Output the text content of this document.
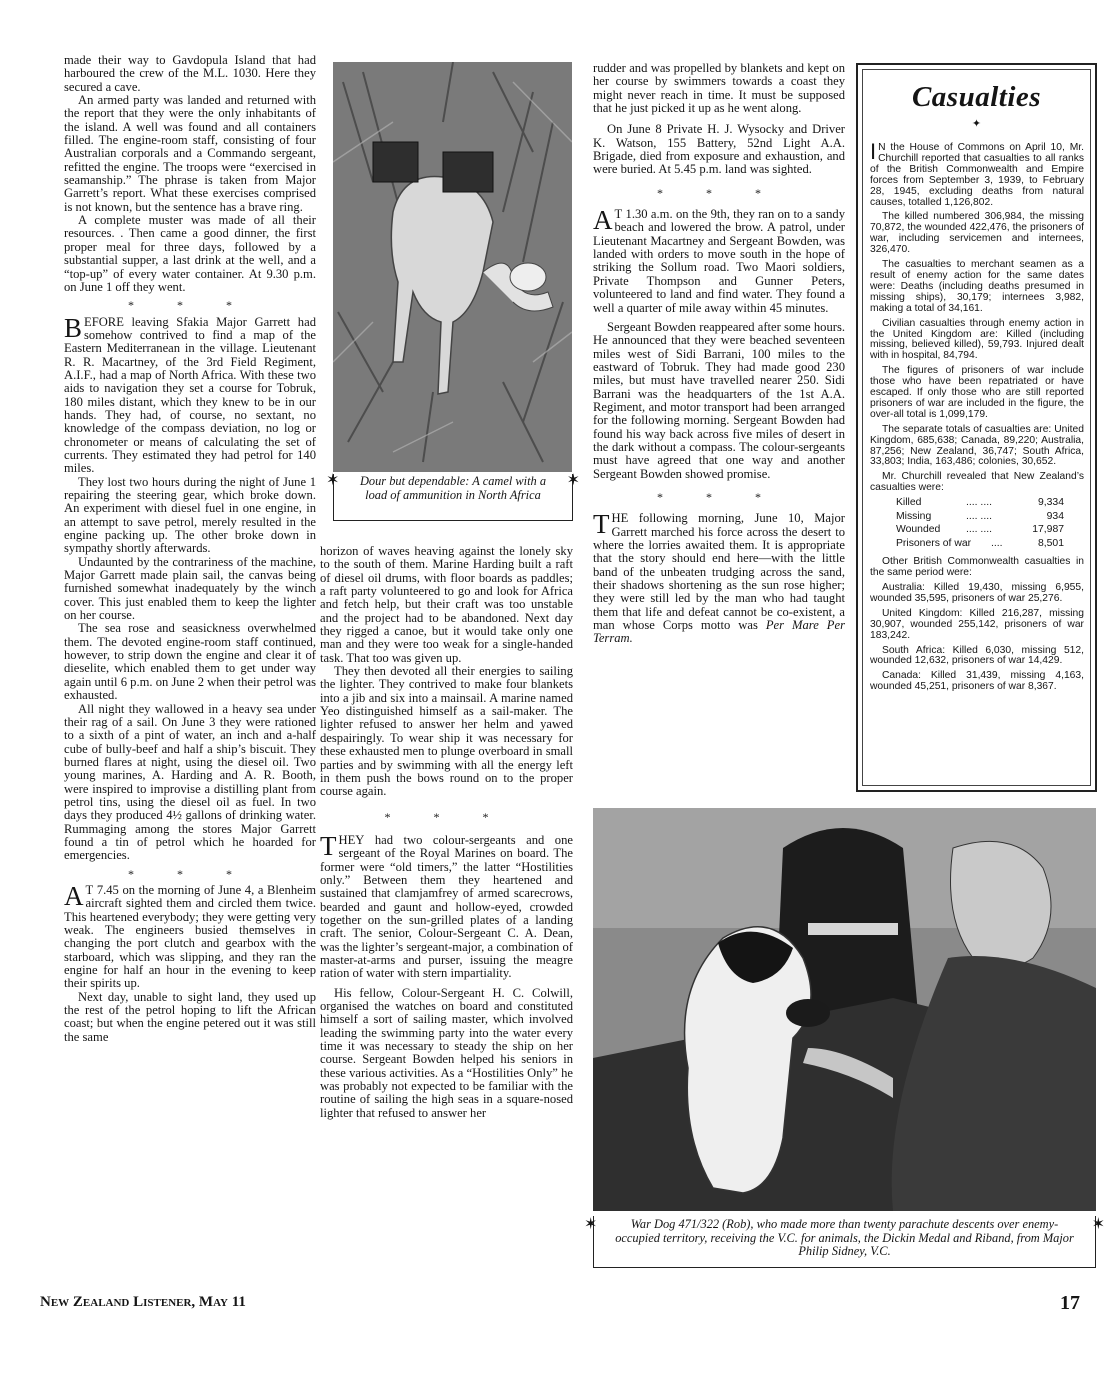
made their way to Gavdopula Island that had harboured the crew of the M.L. 1030. Here they secured a cave.

An armed party was landed and returned with the report that they were the only inhabitants of the island. A well was found and all containers filled. The engine-room staff, consisting of four Australian corporals and a Commando sergeant, refitted the engine. The troops were “exercised in seamanship.” The phrase is taken from Major Garrett’s report. What these exercises comprised is not known, but the sentence has a brave ring.

A complete muster was made of all their resources. . Then came a good dinner, the first proper meal for three days, followed by a substantial supper, a last drink at the well, and a “top-up” of every water container. At 9.30 p.m. on June 1 off they went.

* * *

BEFORE leaving Sfakia Major Garrett had somehow contrived to find a map of the Eastern Mediterranean in the village. Lieutenant R. R. Macartney, of the 3rd Field Regiment, A.I.F., had a map of North Africa. With these two aids to navigation they set a course for Tobruk, 180 miles distant, which they knew to be in our hands. They had, of course, no sextant, no knowledge of the compass deviation, no log or chronometer or means of calculating the set of currents. They estimated they had petrol for 140 miles.

They lost two hours during the night of June 1 repairing the steering gear, which broke down. An experiment with diesel fuel in one engine, in an attempt to save petrol, merely resulted in the engine packing up. The other broke down in sympathy shortly afterwards.

Undaunted by the contrariness of the machine, Major Garrett made plain sail, the canvas being furnished somewhat inadequately by the winch cover. This just enabled them to keep the lighter on her course.

The sea rose and seasickness overwhelmed them. The devoted engine-room staff continued, however, to strip down the engine and clear it of dieselite, which enabled them to get under way again until 6 p.m. on June 2 when their petrol was exhausted.

All night they wallowed in a heavy sea under their rag of a sail. On June 3 they were rationed to a sixth of a pint of water, an inch and a-half cube of bully-beef and half a ship’s biscuit. They burned flares at night, using the diesel oil. Two young marines, A. Harding and A. R. Booth, were inspired to improvise a distilling plant from petrol tins, using the diesel oil as fuel. In two days they produced 4½ gallons of drinking water. Rummaging among the stores Major Garrett found a tin of petrol which he hoarded for emergencies.

* * *

A T 7.45 on the morning of June 4, a Blenheim aircraft sighted them and circled them twice. This heartened everybody; they were getting very weak. The engineers busied themselves in changing the port clutch and gearbox with the starboard, which was slipping, and they ran the engine for half an hour in the evening to keep their spirits up.

Next day, unable to sight land, they used up the rest of the petrol hoping to lift the African coast; but when the engine petered out it was still the same

✶	✶
Dour but dependable: A camel with a load of ammunition in North Africa

horizon of waves heaving against the lonely sky to the south of them. Marine Harding built a raft of diesel oil drums, with floor boards as paddles; a raft party volunteered to go and look for Africa and fetch help, but their craft was too unstable and the project had to be abandoned. Next day they rigged a canoe, but it would take only one man and they were too weak for a single-handed task. That too was given up.

They then devoted all their energies to sailing the lighter. They contrived to make four blankets into a jib and six into a mainsail. A marine named Yeo distinguished himself as a sail-maker. The lighter refused to answer her helm and yawed despairingly. To wear ship it was necessary for these exhausted men to plunge overboard in small parties and by swimming with all the energy left in them push the bows round on to the proper course again.

* * *

THEY had two colour-sergeants and one sergeant of the Royal Marines on board. The former were “old timers,” the latter “Hostilities only.” Between them they heartened and sustained that clamjamfrey of armed scarecrows, bearded and gaunt and hollow-eyed, crowded together on the sun-grilled plates of a landing craft. The senior, Colour-Sergeant C. A. Dean, was the lighter’s sergeant-major, a combination of master-at-arms and purser, issuing the meagre ration of water with stern impartiality.

His fellow, Colour-Sergeant H. C. Colwill, organised the watches on board and constituted himself a sort of sailing master, which involved leading the swimming party into the water every time it was necessary to steady the ship on her course. Sergeant Bowden helped his seniors in these various activities. As a “Hostilities Only” he was probably not expected to be familiar with the routine of sailing the high seas in a square-nosed lighter that refused to answer her

rudder and was propelled by blankets and kept on her course by swimmers towards a coast they might never reach in time. It must be supposed that he just picked it up as he went along.

On June 8 Private H. J. Wysocky and Driver K. Watson, 155 Battery, 52nd Light A.A. Brigade, died from exposure and exhaustion, and were buried. At 5.45 p.m. land was sighted.

* * *

A T 1.30 a.m. on the 9th, they ran on to a sandy beach and lowered the brow. A patrol, under Lieutenant Macartney and Sergeant Bowden, was landed with orders to move south in the hope of striking the Sollum road. Two Maori soldiers, Private Thompson and Gunner Peters, volunteered to land and find water. They found a well a quarter of mile away within 45 minutes.

Sergeant Bowden reappeared after some hours. He announced that they were beached seventeen miles west of Sidi Barrani, 100 miles to the eastward of Tobruk. They had made good 230 miles, but must have travelled nearer 250. Sidi Barrani was the headquarters of the 1st A.A. Regiment, and motor transport had been arranged for the following morning. Sergeant Bowden had found his way back across five miles of desert in the dark without a compass. The colour-sergeants must have agreed that one way and another Sergeant Bowden showed promise.

* * *

THE following morning, June 10, Major Garrett marched his force across the desert to where the lorries awaited them. It is appropriate that the story should end here—with the little band of the unbeaten trudging across the sand, their shadows shortening as the sun rose higher; they were still led by the man who had taught them that life and defeat cannot be co-existent, a man whose Corps motto was Per Mare Per Terram.

Casualties
✦

I N the House of Commons on April 10, Mr. Churchill reported that casualties to all ranks of the British Commonwealth and Empire forces from September 3, 1939, to February 28, 1945, excluding deaths from natural causes, totalled 1,126,802.

The killed numbered 306,984, the missing 70,872, the wounded 422,476, the prisoners of war, including servicemen and internees, 326,470.

The casualties to merchant seamen as a result of enemy action for the same dates were: Deaths (including deaths presumed in missing ships), 30,179; internees 3,982, making a total of 34,161.

Civilian casualties through enemy action in the United Kingdom are: Killed (including missing, believed killed), 59,793. Injured dealt with in hospital, 84,794.

The figures of prisoners of war include those who have been repatriated or have escaped. If only those who are still reported prisoners of war are included in the figure, the over-all total is 1,099,179.

The separate totals of casualties are: United Kingdom, 685,638; Canada, 89,220; Australia, 87,256; New Zealand, 36,747; South Africa, 33,803; India, 163,486; colonies, 30,652.

Mr. Churchill revealed that New Zealand’s casualties were:

Killed	.... ....	9,334
Missing	.... ....	934
Wounded	.... ....	17,987
Prisoners of war	....	8,501

Other British Commonwealth casualties in the same period were:

Australia: Killed 19,430, missing 6,955, wounded 35,595, prisoners of war 25,276.

United Kingdom: Killed 216,287, missing 30,907, wounded 255,142, prisoners of war 183,242.

South Africa: Killed 6,030, missing 512, wounded 12,632, prisoners of war 14,429.

Canada: Killed 31,439, missing 4,163, wounded 45,251, prisoners of war 8,367.

✶	✶
War Dog 471/322 (Rob), who made more than twenty parachute descents over enemy-occupied territory, receiving the V.C. for animals, the Dickin Medal and Riband, from Major Philip Sidney, V.C.
New Zealand Listener, May 11	17
